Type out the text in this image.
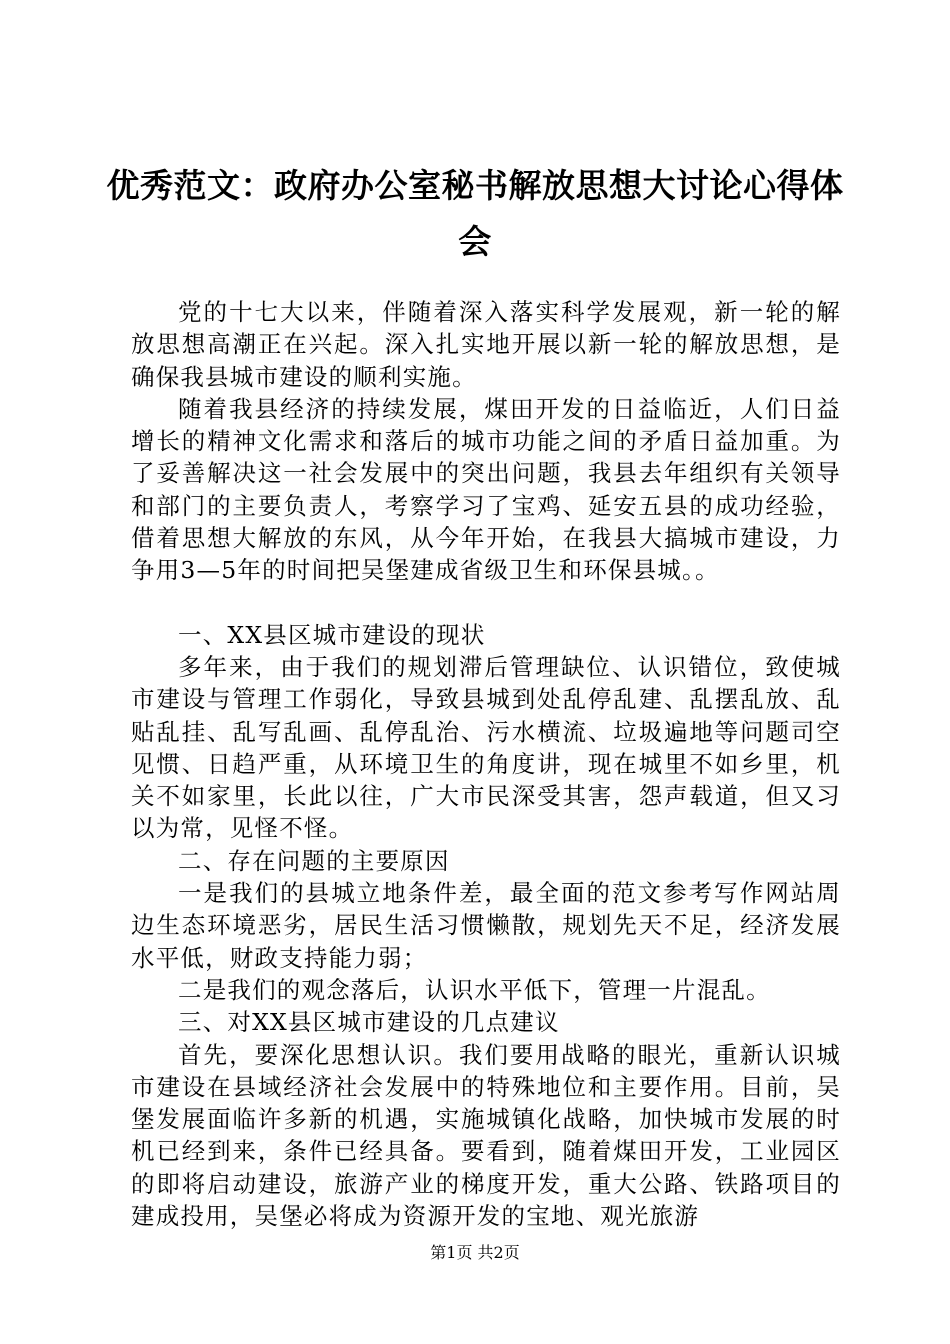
优秀范文：政府办公室秘书解放思想大讨论心得体会

党的十七大以来，伴随着深入落实科学发展观，新一轮的解放思想高潮正在兴起。深入扎实地开展以新一轮的解放思想，是确保我县城市建设的顺利实施。

随着我县经济的持续发展，煤田开发的日益临近，人们日益增长的精神文化需求和落后的城市功能之间的矛盾日益加重。为了妥善解决这一社会发展中的突出问题，我县去年组织有关领导和部门的主要负责人，考察学习了宝鸡、延安五县的成功经验，借着思想大解放的东风，从今年开始，在我县大搞城市建设，力争用3—5年的时间把吴堡建成省级卫生和环保县城。。

一、XX县区城市建设的现状

多年来，由于我们的规划滞后管理缺位、认识错位，致使城市建设与管理工作弱化，导致县城到处乱停乱建、乱摆乱放、乱贴乱挂、乱写乱画、乱停乱治、污水横流、垃圾遍地等问题司空见惯、日趋严重，从环境卫生的角度讲，现在城里不如乡里，机关不如家里，长此以往，广大市民深受其害，怨声载道，但又习以为常，见怪不怪。

二、存在问题的主要原因

一是我们的县城立地条件差，最全面的范文参考写作网站周边生态环境恶劣，居民生活习惯懒散，规划先天不足，经济发展水平低，财政支持能力弱；

二是我们的观念落后，认识水平低下，管理一片混乱。

三、对XX县区城市建设的几点建议

首先，要深化思想认识。我们要用战略的眼光，重新认识城市建设在县域经济社会发展中的特殊地位和主要作用。目前，吴堡发展面临许多新的机遇，实施城镇化战略，加快城市发展的时机已经到来，条件已经具备。要看到，随着煤田开发，工业园区的即将启动建设，旅游产业的梯度开发，重大公路、铁路项目的建成投用，吴堡必将成为资源开发的宝地、观光旅游

第1页 共2页
